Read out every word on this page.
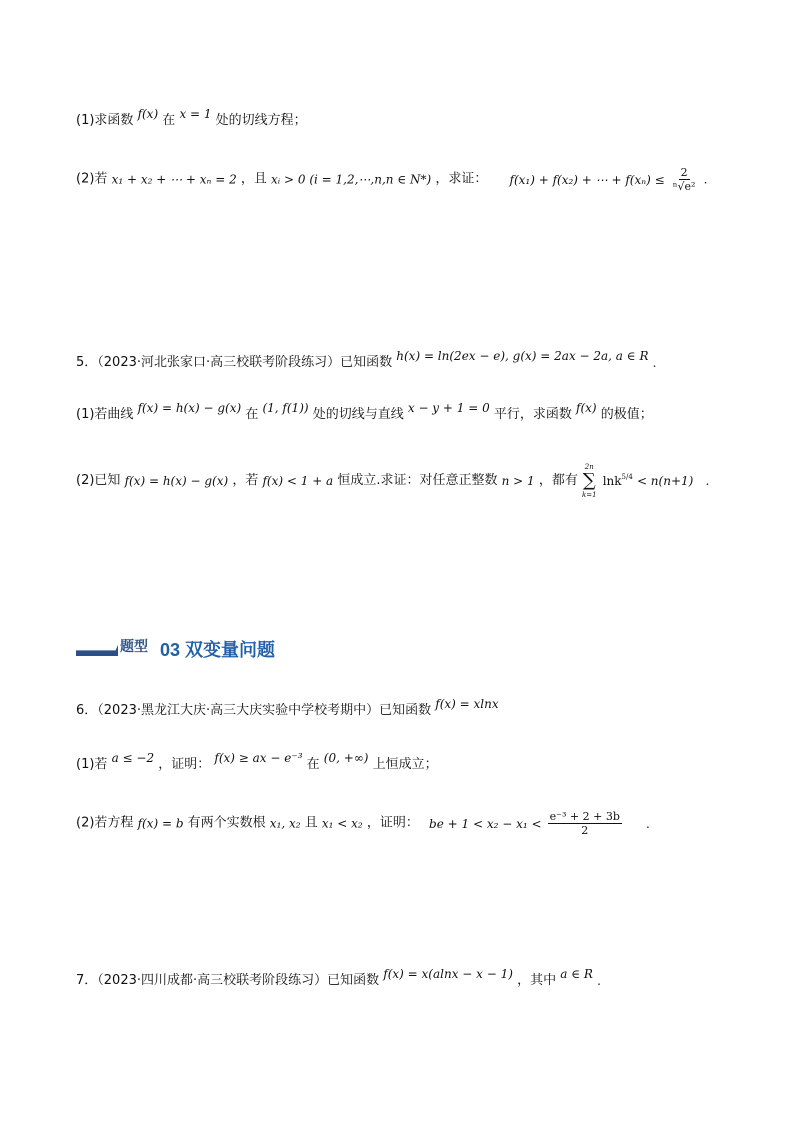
(1)求函数 f(x) 在 x = 1 处的切线方程；
(2)若 x₁ + x₂ + ⋯ + xₙ = 2 ，且 xᵢ > 0 (i = 1,2,⋯,n,n ∈ N*) ，求证： f(x₁) + f(x₂) + ⋯ + $f(x_n) \le \frac{2}{\text{ⁿ√e²}}$ .
5．（2023·河北张家口·高三校联考阶段练习）已知函数 h(x) = ln(2ex − e), g(x) = 2ax − 2a, a ∈ R .
(1)若曲线 f(x) = h(x) − g(x) 在 (1, f(1)) 处的切线与直线 x − y + 1 = 0 平行，求函数 f(x) 的极值；
(2)已知 f(x) = h(x) − g(x) ，若 f(x) < 1 + a 恒成立.求证：对任意正整数 n > 1 ，都有
2n
∑
k=1
lnk$^{5/4}$ < n(n+1) .
题型 03 双变量问题
6．（2023·黑龙江大庆·高三大庆实验中学校考期中）已知函数 f(x) = xlnx
(1)若 a ≤ −2 ，证明： f(x) ≥ ax − e⁻³ 在 (0, +∞) 上恒成立；
(2)若方程 f(x) = b 有两个实数根 x₁, x₂ 且 x₁ < x₂ ，证明： be + $1 < x_2 - x_1 < \frac{\text{e⁻³ + 2 + 3b}}{2}$ .
7．（2023·四川成都·高三校联考阶段练习）已知函数 f(x) = x(alnx − x − 1) ，其中 a ∈ R .
